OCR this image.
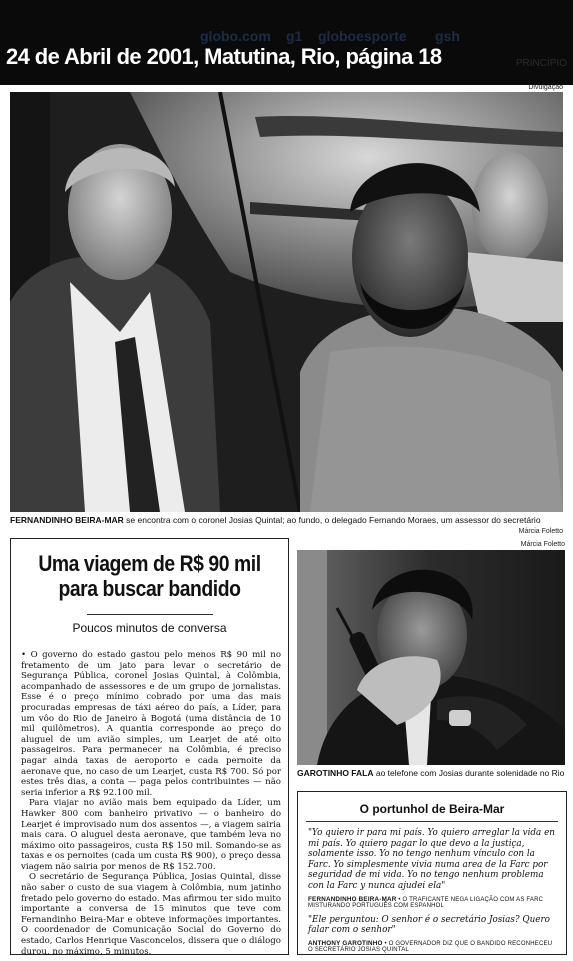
globo.com g1 globoesporte gsh
24 de Abril de 2001, Matutina, Rio, página 18	PRINCÍPIO
Divulgação
FERNANDINHO BEIRA-MAR se encontra com o coronel Josias Quintal; ao fundo, o delegado Fernando Moraes, um assessor do secretário
Márcia Foletto
Uma viagem de R$ 90 mil para buscar bandido
Poucos minutos de conversa

• O governo do estado gastou pelo menos R$ 90 mil no fretamento de um jato para levar o secretário de Segurança Pública, coronel Josias Quintal, à Colômbia, acompanhado de assessores e de um grupo de jornalistas. Esse é o preço mínimo cobrado por uma das mais procuradas empresas de táxi aéreo do país, a Líder, para um vôo do Rio de Janeiro à Bogotá (uma distância de 10 mil quilômetros). A quantia corresponde ao preço do aluguel de um avião simples, um Learjet de até oito passageiros. Para permanecer na Colômbia, é preciso pagar ainda taxas de aeroporto e cada pernoite da aeronave que, no caso de um Learjet, custa R$ 700. Só por estes três dias, a conta — paga pelos contribuintes — não seria inferior a R$ 92.100 mil.

Para viajar no avião mais bem equipado da Líder, um Hawker 800 com banheiro privativo — o banheiro do Learjet é improvisado num dos assentos —, a viagem sairia mais cara. O aluguel desta aeronave, que também leva no máximo oito passageiros, custa R$ 150 mil. Somando-se as taxas e os pernoites (cada um custa R$ 900), o preço dessa viagem não sairia por menos de R$ 152.700.

O secretário de Segurança Pública, Josias Quintal, disse não saber o custo de sua viagem à Colômbia, num jatinho fretado pelo governo do estado. Mas afirmou ter sido muito importante a conversa de 15 minutos que teve com Fernandinho Beira-Mar e obteve informações importantes. O coordenador de Comunicação Social do Governo do estado, Carlos Henrique Vasconcelos, dissera que o diálogo durou, no máximo, 5 minutos.

Márcia Foletto
GAROTINHO FALA ao telefone com Josias durante solenidade no Rio
O portunhol de Beira-Mar
"Yo quiero ir para mi país. Yo quiero arreglar la vida en mi país. Yo quiero pagar lo que devo a la justiça, solamente isso. Yo no tengo nenhum vínculo con la Farc. Yo simplesmente vivia numa area de la Farc por seguridad de mi vida. Yo no tengo nenhum problema con la Farc y nunca ajudei ela"
FERNANDINHO BEIRA-MAR • O TRAFICANTE NEGA LIGAÇÃO COM AS FARC MISTURANDO PORTUGUÊS COM ESPANHOL
"Ele perguntou: O senhor é o secretário Josias? Quero falar com o senhor"
ANTHONY GAROTINHO • O GOVERNADOR DIZ QUE O BANDIDO RECONHECEU O SECRETÁRIO JOSIAS QUINTAL
